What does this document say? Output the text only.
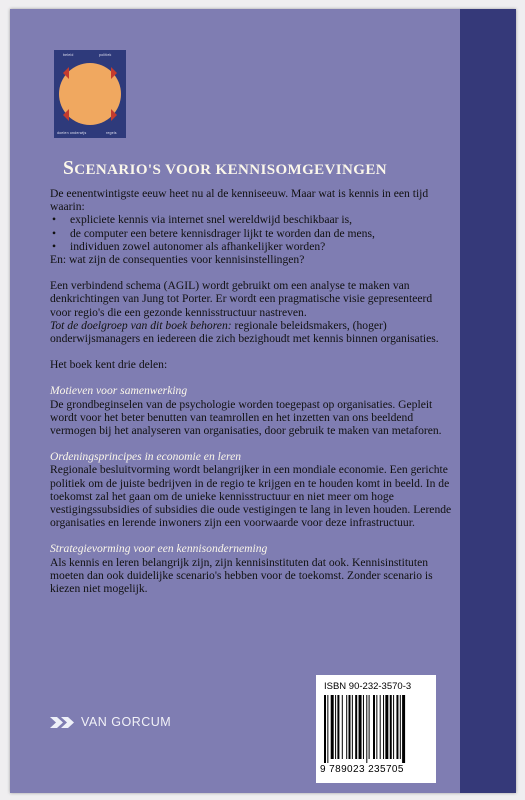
beleid	politiek
doelen onderwijs	regels
SCENARIO'S VOOR KENNISOMGEVINGEN

De eenentwintigste eeuw heet nu al de kenniseeuw. Maar wat is kennis in een tijd waarin:

• expliciete kennis via internet snel wereldwijd beschikbaar is,
• de computer een betere kennisdrager lijkt te worden dan de mens,
• individuen zowel autonomer als afhankelijker worden?

En: wat zijn de consequenties voor kennisinstellingen?

Een verbindend schema (AGIL) wordt gebruikt om een analyse te maken van denkrichtingen van Jung tot Porter. Er wordt een pragmatische visie gepresenteerd voor regio's die een gezonde kennisstructuur nastreven.
Tot de doelgroep van dit boek behoren: regionale beleidsmakers, (hoger) onderwijsmanagers en iedereen die zich bezighoudt met kennis binnen organisaties.

Het boek kent drie delen:

Motieven voor samenwerking

De grondbeginselen van de psychologie worden toegepast op organisaties. Gepleit wordt voor het beter benutten van teamrollen en het inzetten van ons beeldend vermogen bij het analyseren van organisaties, door gebruik te maken van metaforen.

Ordeningsprincipes in economie en leren

Regionale besluitvorming wordt belangrijker in een mondiale economie. Een gerichte politiek om de juiste bedrijven in de regio te krijgen en te houden komt in beeld. In de toekomst zal het gaan om de unieke kennisstructuur en niet meer om hoge vestigingssubsidies of subsidies die oude vestigingen te lang in leven houden. Lerende organisaties en lerende inwoners zijn een voorwaarde voor deze infrastructuur.

Strategievorming voor een kennisonderneming

Als kennis en leren belangrijk zijn, zijn kennisinstituten dat ook. Kennisinstituten moeten dan ook duidelijke scenario's hebben voor de toekomst. Zonder scenario is kiezen niet mogelijk.

VAN GORCUM
ISBN 90-232-3570-3
9 789023 235705
